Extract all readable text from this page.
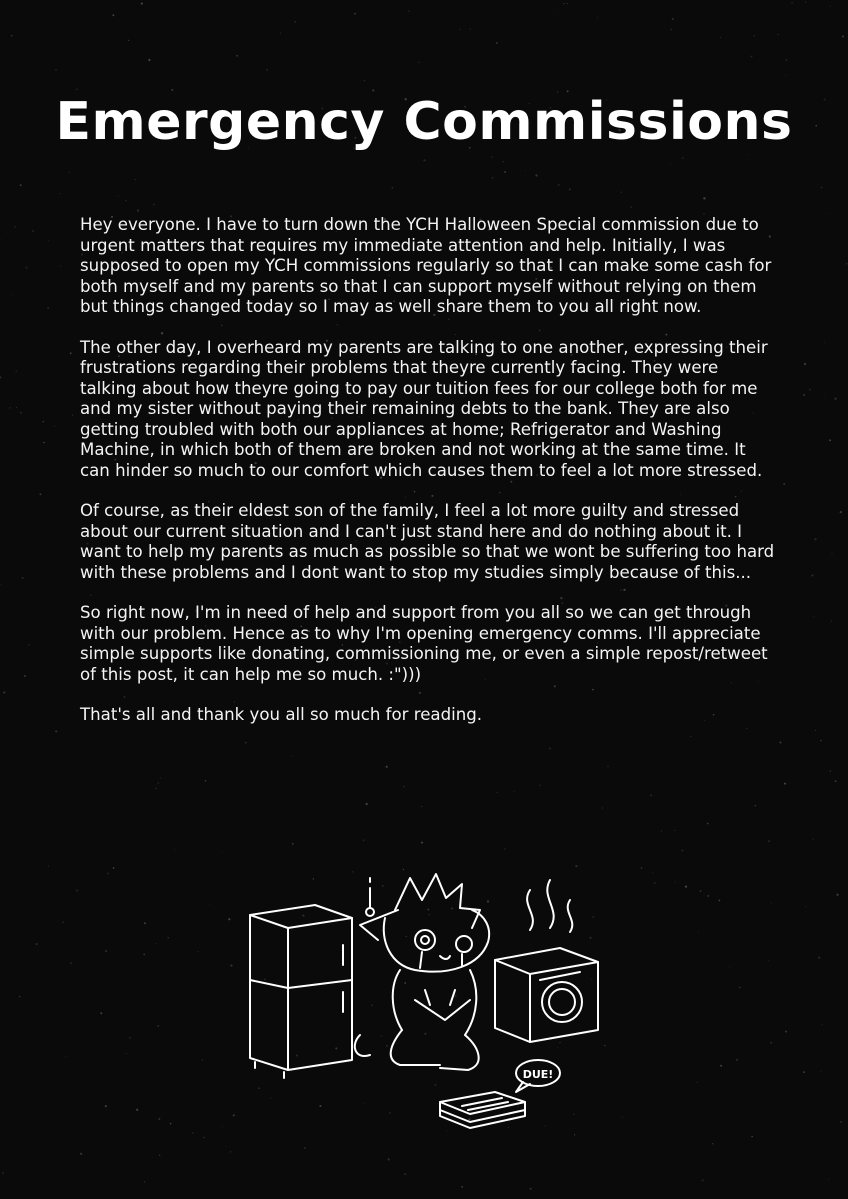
Emergency Commissions

Hey everyone. I have to turn down the YCH Halloween Special commission due to urgent matters that requires my immediate attention and help. Initially, I was supposed to open my YCH commissions regularly so that I can make some cash for both myself and my parents so that I can support myself without relying on them but things changed today so I may as well share them to you all right now.

The other day, I overheard my parents are talking to one another, expressing their frustrations regarding their problems that theyre currently facing. They were talking about how theyre going to pay our tuition fees for our college both for me and my sister without paying their remaining debts to the bank. They are also getting troubled with both our appliances at home; Refrigerator and Washing Machine, in which both of them are broken and not working at the same time. It can hinder so much to our comfort which causes them to feel a lot more stressed.

Of course, as their eldest son of the family, I feel a lot more guilty and stressed about our current situation and I can't just stand here and do nothing about it. I want to help my parents as much as possible so that we wont be suffering too hard with these problems and I dont want to stop my studies simply because of this...

So right now, I'm in need of help and support from you all so we can get through with our problem. Hence as to why I'm opening emergency comms. I'll appreciate simple supports like donating, commissioning me, or even a simple repost/retweet of this post, it can help me so much. :")))

That's all and thank you all so much for reading.

DUE!
